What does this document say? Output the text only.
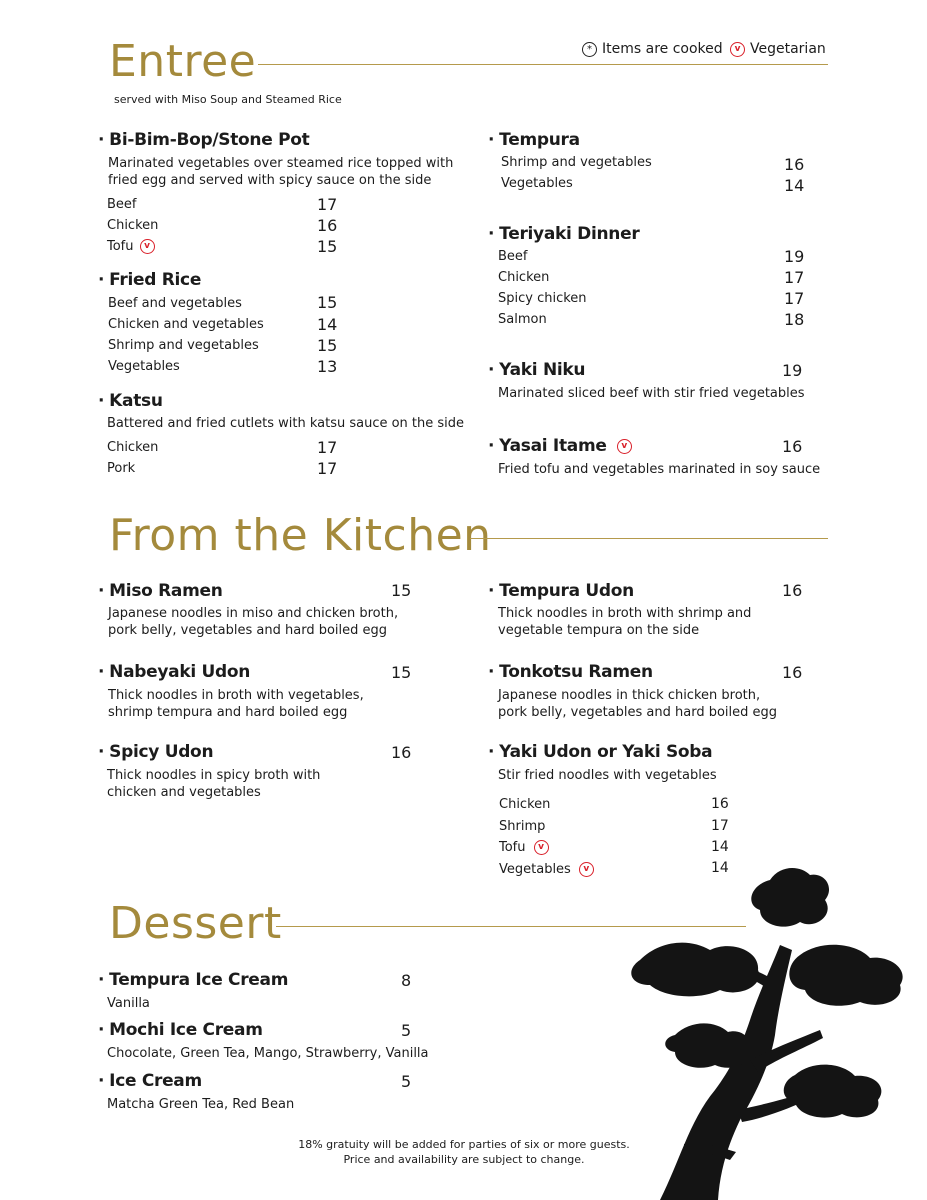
* Items are cooked	v Vegetarian
Entree
served with Miso Soup and Steamed Rice
· Bi-Bim-Bop/Stone Pot
Marinated vegetables over steamed rice topped with
fried egg and served with spicy sauce on the side
Beef	17
Chicken	16
Tofu v	15
· Fried Rice
Beef and vegetables	15
Chicken and vegetables	14
Shrimp and vegetables	15
Vegetables	13
· Katsu
Battered and fried cutlets with katsu sauce on the side
Chicken	17
Pork	17
· Tempura
Shrimp and vegetables	16
Vegetables	14
· Teriyaki Dinner
Beef	19
Chicken	17
Spicy chicken	17
Salmon	18
· Yaki Niku	19
Marinated sliced beef with stir fried vegetables
· Yasai Itame v	16
Fried tofu and vegetables marinated in soy sauce
From the Kitchen
· Miso Ramen	15
Japanese noodles in miso and chicken broth,
pork belly, vegetables and hard boiled egg
· Nabeyaki Udon	15
Thick noodles in broth with vegetables,
shrimp tempura and hard boiled egg
· Spicy Udon	16
Thick noodles in spicy broth with
chicken and vegetables
· Tempura Udon	16
Thick noodles in broth with shrimp and
vegetable tempura on the side
· Tonkotsu Ramen	16
Japanese noodles in thick chicken broth,
pork belly, vegetables and hard boiled egg
· Yaki Udon or Yaki Soba
Stir fried noodles with vegetables
Chicken	16
Shrimp	17
Tofu v	14
Vegetables v	14
Dessert
· Tempura Ice Cream	8
Vanilla
· Mochi Ice Cream	5
Chocolate, Green Tea, Mango, Strawberry, Vanilla
· Ice Cream	5
Matcha Green Tea, Red Bean
18% gratuity will be added for parties of six or more guests.
Price and availability are subject to change.
